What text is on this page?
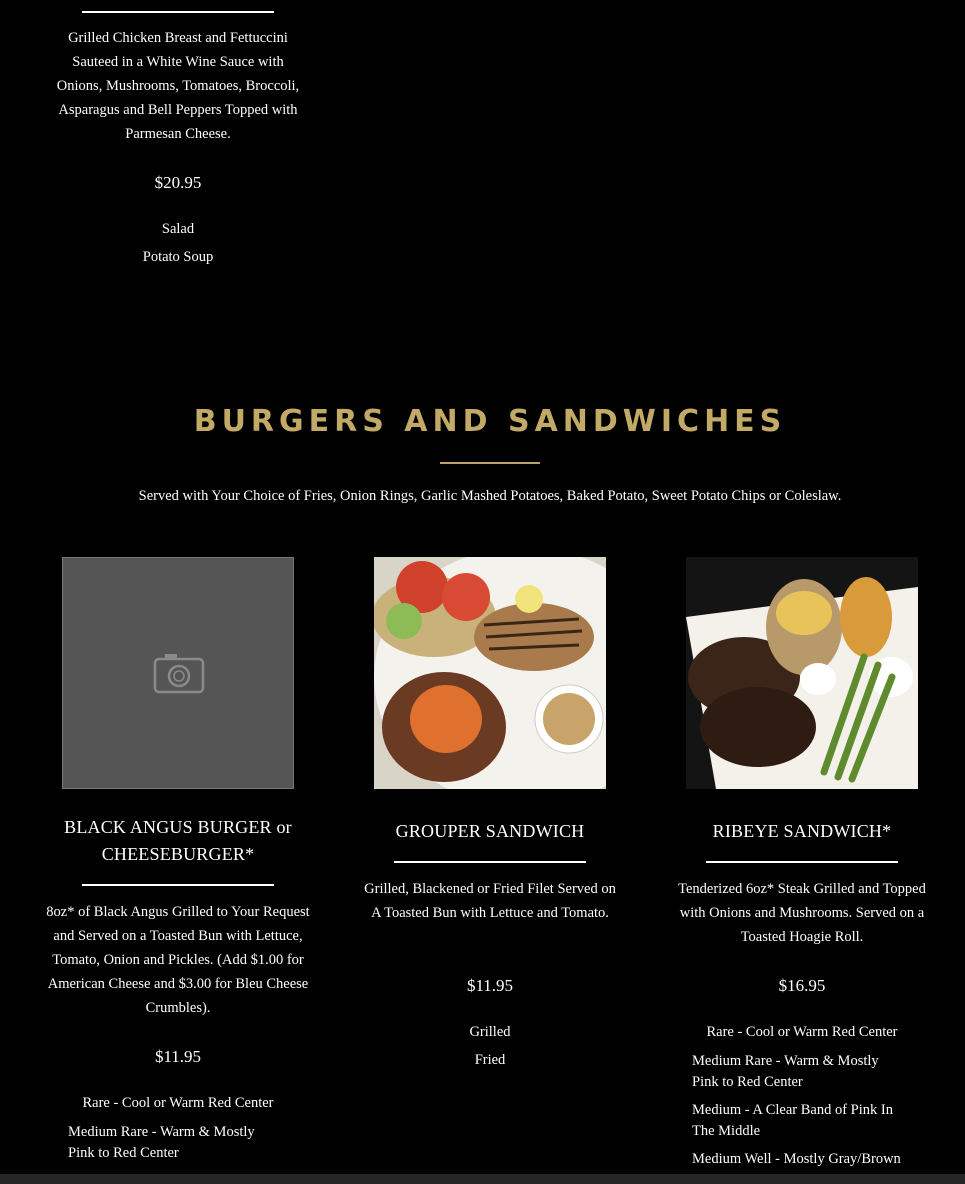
Grilled Chicken Breast and Fettuccini Sauteed in a White Wine Sauce with Onions, Mushrooms, Tomatoes, Broccoli, Asparagus and Bell Peppers Topped with Parmesan Cheese.
$20.95
Salad
Potato Soup
BURGERS AND SANDWICHES
Served with Your Choice of Fries, Onion Rings, Garlic Mashed Potatoes, Baked Potato, Sweet Potato Chips or Coleslaw.
BLACK ANGUS BURGER or CHEESEBURGER*
8oz* of Black Angus Grilled to Your Request and Served on a Toasted Bun with Lettuce, Tomato, Onion and Pickles. (Add $1.00 for American Cheese and $3.00 for Bleu Cheese Crumbles).
$11.95
Rare - Cool or Warm Red Center
Medium Rare - Warm & Mostly Pink to Red Center
GROUPER SANDWICH
Grilled, Blackened or Fried Filet Served on A Toasted Bun with Lettuce and Tomato.
$11.95
Grilled
Fried
RIBEYE SANDWICH*
Tenderized 6oz* Steak Grilled and Topped with Onions and Mushrooms. Served on a Toasted Hoagie Roll.
$16.95
Rare - Cool or Warm Red Center
Medium Rare - Warm & Mostly Pink to Red Center
Medium - A Clear Band of Pink In The Middle
Medium Well - Mostly Gray/Brown
